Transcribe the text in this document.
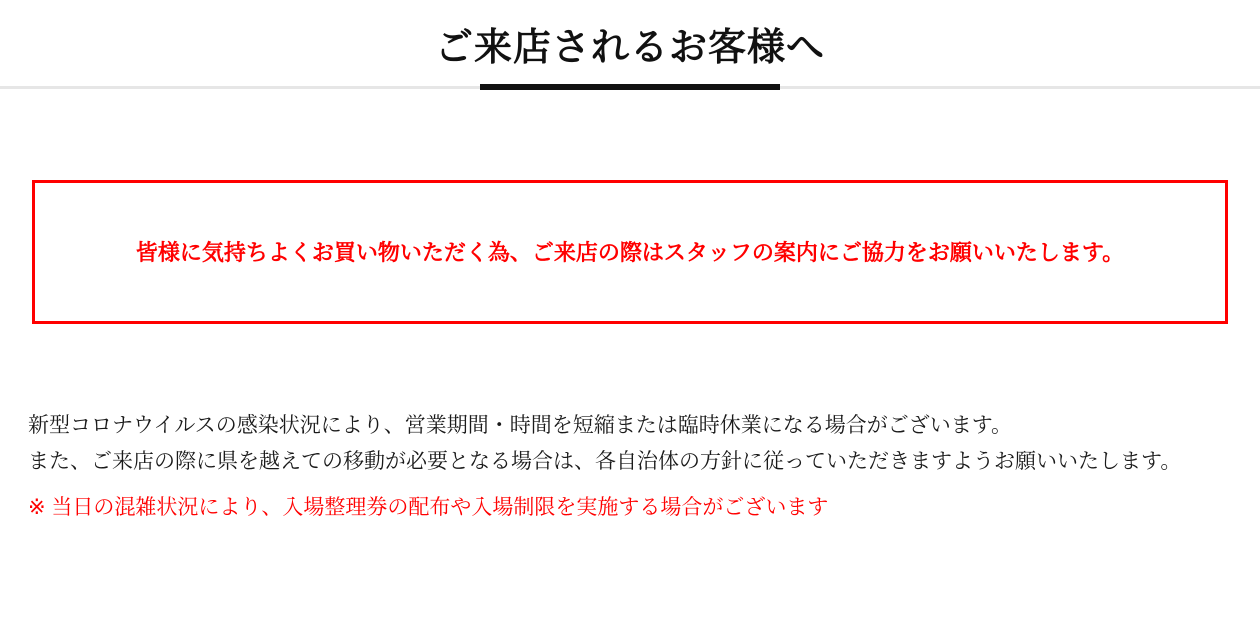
ご来店されるお客様へ

皆様に気持ちよくお買い物いただく為、ご来店の際はスタッフの案内にご協力をお願いいたします。

新型コロナウイルスの感染状況により、営業期間・時間を短縮または臨時休業になる場合がございます。

また、ご来店の際に県を越えての移動が必要となる場合は、各自治体の方針に従っていただきますようお願いいたします。

※ 当日の混雑状況により、入場整理券の配布や入場制限を実施する場合がございます
